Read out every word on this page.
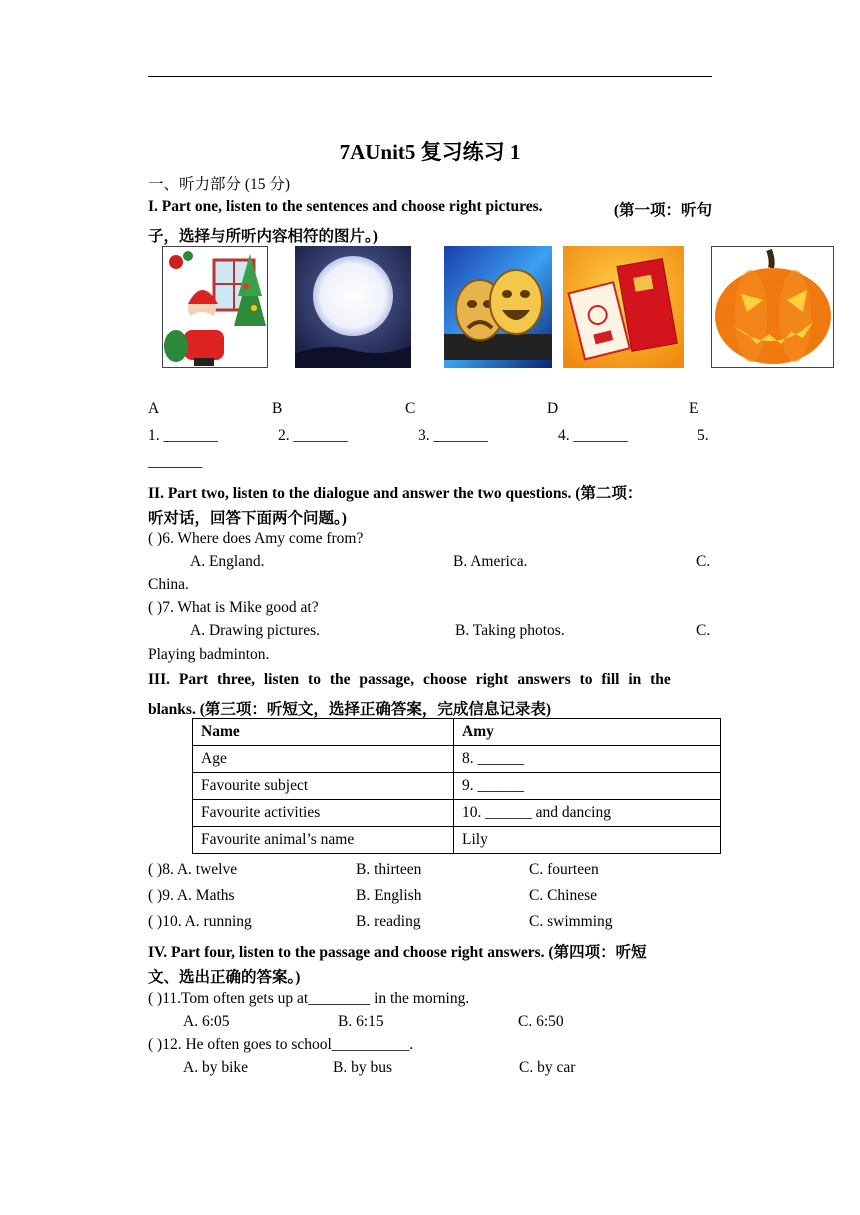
7AUnit5 复习练习 1
一、听力部分 (15 分)
I. Part one, listen to the sentences and choose right pictures.	(第一项：听句
子，选择与所听内容相符的图片。)
A	B	C	D	E
1. _______	2. _______	3. _______	4. _______	5.
_______
II. Part two, listen to the dialogue and answer the two questions. (第二项：
听对话，回答下面两个问题。)
( )6. Where does Amy come from?
A. England.	B. America.	C.
China.
( )7. What is Mike good at?
A. Drawing pictures.	B. Taking photos.	C.
Playing badminton.
III. Part three, listen to the passage, choose right answers to fill in the
blanks. (第三项：听短文，选择正确答案，完成信息记录表)
Name	Amy
Age	8. ______
Favourite subject	9. ______
Favourite activities	10. ______ and dancing
Favourite animal’s name	Lily
( )8. A. twelve	B. thirteen	C. fourteen
( )9. A. Maths	B. English	C. Chinese
( )10. A. running	B. reading	C. swimming
IV. Part four, listen to the passage and choose right answers. (第四项：听短
文、选出正确的答案。)
( )11.Tom often gets up at________ in the morning.
A. 6:05	B. 6:15	C. 6:50
( )12. He often goes to school__________.
A. by bike	B. by bus	C. by car
